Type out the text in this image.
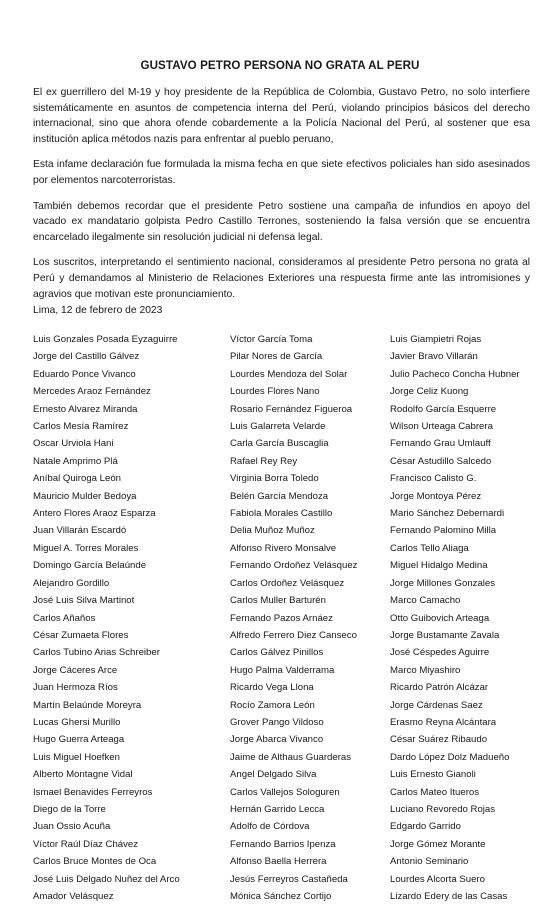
GUSTAVO PETRO PERSONA NO GRATA AL PERU

El ex guerrillero del M-19 y hoy presidente de la República de Colombia, Gustavo Petro, no solo interfiere sistemáticamente en asuntos de competencia interna del Perú, violando principios básicos del derecho internacional, sino que ahora ofende cobardemente a la Policía Nacional del Perú, al sostener que esa institución aplica métodos nazis para enfrentar al pueblo peruano,

Esta infame declaración fue formulada la misma fecha en que siete efectivos policiales han sido asesinados por elementos narcoterroristas.

También debemos recordar que el presidente Petro sostiene una campaña de infundios en apoyo del vacado ex mandatario golpista Pedro Castillo Terrones, sosteniendo la falsa versión que se encuentra encarcelado ilegalmente sin resolución judicial ni defensa legal.

Los suscritos, interpretando el sentimiento nacional, consideramos al presidente Petro persona no grata al Perú y demandamos al Ministerio de Relaciones Exteriores una respuesta firme ante las intromisiones y agravios que motivan este pronunciamiento.

Lima, 12 de febrero de 2023
Luis Gonzales Posada Eyzaguirre
Jorge del Castillo Gálvez
Eduardo Ponce Vivanco
Mercedes Araoz Fernández
Ernesto Alvarez Miranda
Carlos Mesía Ramírez
Oscar Urviola Hani
Natale Amprimo Plá
Aníbal Quiroga León
Mauricio Mulder Bedoya
Antero Flores Araoz Esparza
Juan Villarán Escardó
Miguel A. Torres Morales
Domingo García Belaúnde
Alejandro Gordillo
José Luis Silva Martinot
Carlos Añaños
César Zumaeta Flores
Carlos Tubino Arias Schreiber
Jorge Cáceres Arce
Juan Hermoza Ríos
Martín Belaúnde Moreyra
Lucas Ghersi Murillo
Hugo Guerra Arteaga
Luis Miguel Hoefken
Alberto Montagne Vidal
Ismael Benavides Ferreyros
Diego de la Torre
Juan Ossio Acuña
Víctor Raúl Díaz Chávez
Carlos Bruce Montes de Oca
José Luis Delgado Nuñez del Arco
Amador Velásquez
Víctor García Toma
Pilar Nores de García
Lourdes Mendoza del Solar
Lourdes Flores Nano
Rosario Fernández Figueroa
Luis Galarreta Velarde
Carla García Buscaglia
Rafael Rey Rey
Virginia Borra Toledo
Belén García Mendoza
Fabiola Morales Castillo
Delia Muñoz Muñoz
Alfonso Rivero Monsalve
Fernando Ordoñez Velásquez
Carlos Ordoñez Velásquez
Carlos Muller Barturén
Fernando Pazos Arnáez
Alfredo Ferrero Diez Canseco
Carlos Gálvez Pinillos
Hugo Palma Valderrama
Ricardo Vega Llona
Rocío Zamora León
Grover Pango Vildoso
Jorge Abarca Vivanco
Jaime de Althaus Guarderas
Angel Delgado Silva
Carlos Vallejos Sologuren
Hernán Garrido Lecca
Adolfo de Córdova
Fernando Barrios Ipenza
Alfonso Baella Herrera
Jesús Ferreyros Castañeda
Mónica Sánchez Cortijo
Luis Giampietri Rojas
Javier Bravo Villarán
Julio Pacheco Concha Hubner
Jorge Celiz Kuong
Rodolfo García Esquerre
Wilson Urteaga Cabrera
Fernando Grau Umlauff
César Astudillo Salcedo
Francisco Calisto G.
Jorge Montoya Pérez
Mario Sánchez Debernardi
Fernando Palomino Milla
Carlos Tello Aliaga
Miguel Hidalgo Medina
Jorge Millones Gonzales
Marco Camacho
Otto Guibovich Arteaga
Jorge Bustamante Zavala
José Céspedes Aguirre
Marco Miyashiro
Ricardo Patrón Alcázar
Jorge Cárdenas Saez
Erasmo Reyna Alcántara
César Suárez Ribaudo
Dardo López Dolz Madueño
Luis Ernesto Gianoli
Carlos Mateo Itueros
Luciano Revoredo Rojas
Edgardo Garrido
Jorge Gómez Morante
Antonio Seminario
Lourdes Alcorta Suero
Lizardo Edery de las Casas
